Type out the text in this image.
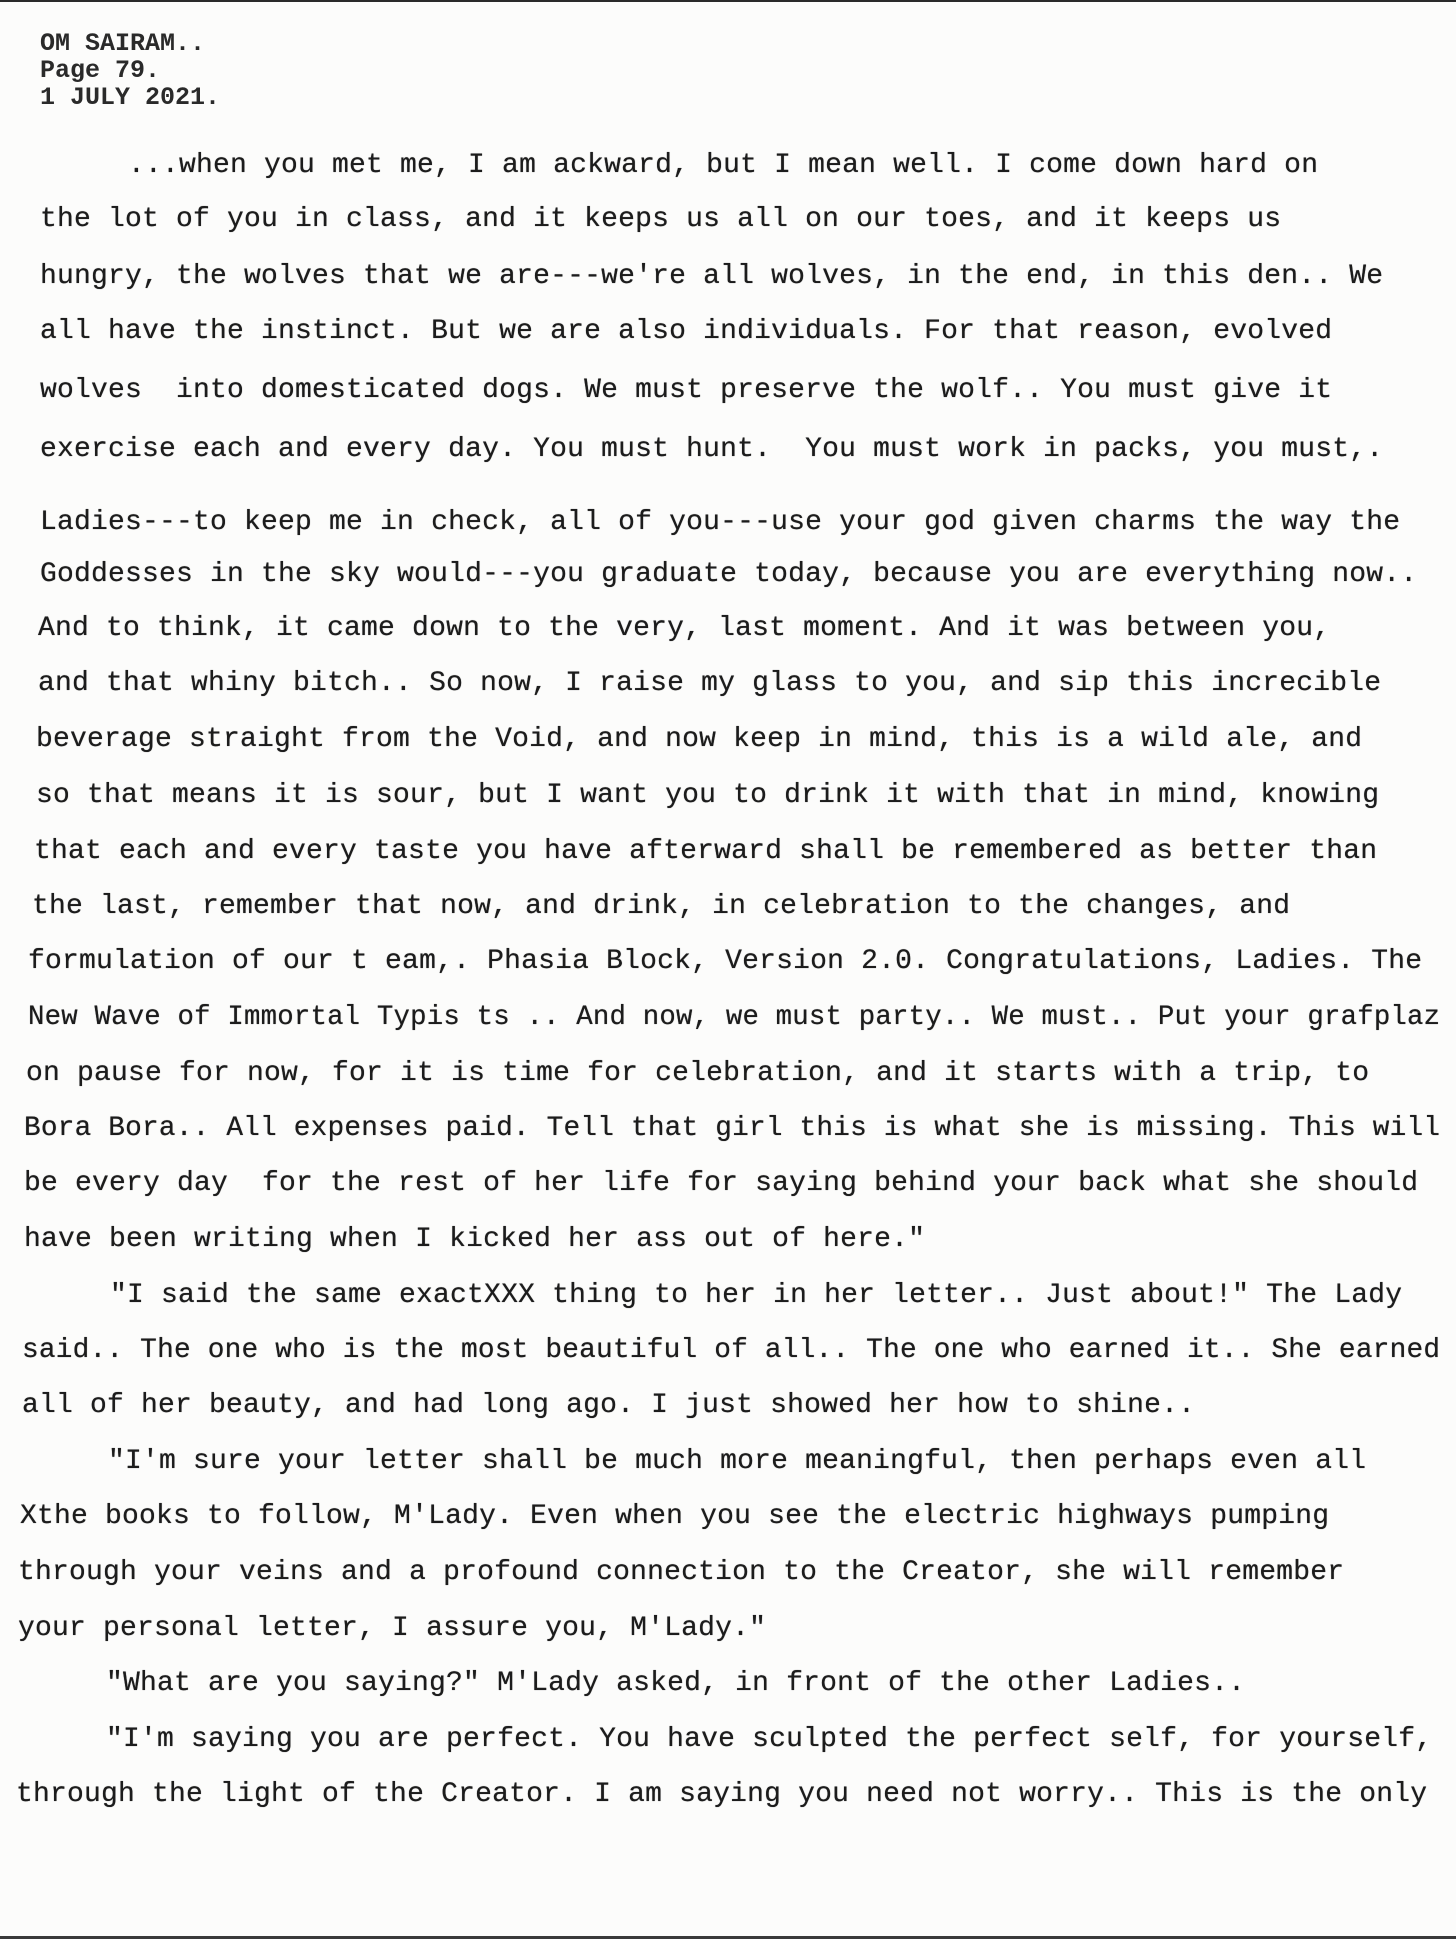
OM SAIRAM..
Page 79.
1 JULY 2021.
...when you met me, I am ackward, but I mean well. I come down hard on
the lot of you in class, and it keeps us all on our toes, and it keeps us
hungry, the wolves that we are---we're all wolves, in the end, in this den.. We
all have the instinct. But we are also individuals. For that reason, evolved
wolves  into domesticated dogs. We must preserve the wolf.. You must give it
exercise each and every day. You must hunt.  You must work in packs, you must,.
Ladies---to keep me in check, all of you---use your god given charms the way the
Goddesses in the sky would---you graduate today, because you are everything now..
And to think, it came down to the very, last moment. And it was between you,
and that whiny bitch.. So now, I raise my glass to you, and sip this increcible
beverage straight from the Void, and now keep in mind, this is a wild ale, and
so that means it is sour, but I want you to drink it with that in mind, knowing
that each and every taste you have afterward shall be remembered as better than
the last, remember that now, and drink, in celebration to the changes, and
formulation of our t eam,. Phasia Block, Version 2.0. Congratulations, Ladies. The
New Wave of Immortal Typis ts .. And now, we must party.. We must.. Put your grafplaz
on pause for now, for it is time for celebration, and it starts with a trip, to
Bora Bora.. All expenses paid. Tell that girl this is what she is missing. This will
be every day  for the rest of her life for saying behind your back what she should
have been writing when I kicked her ass out of here."
"I said the same exactXXX thing to her in her letter.. Just about!" The Lady
said.. The one who is the most beautiful of all.. The one who earned it.. She earned
all of her beauty, and had long ago. I just showed her how to shine..
"I'm sure your letter shall be much more meaningful, then perhaps even all
Xthe books to follow, M'Lady. Even when you see the electric highways pumping
through your veins and a profound connection to the Creator, she will remember
your personal letter, I assure you, M'Lady."
"What are you saying?" M'Lady asked, in front of the other Ladies..
"I'm saying you are perfect. You have sculpted the perfect self, for yourself,
through the light of the Creator. I am saying you need not worry.. This is the only
